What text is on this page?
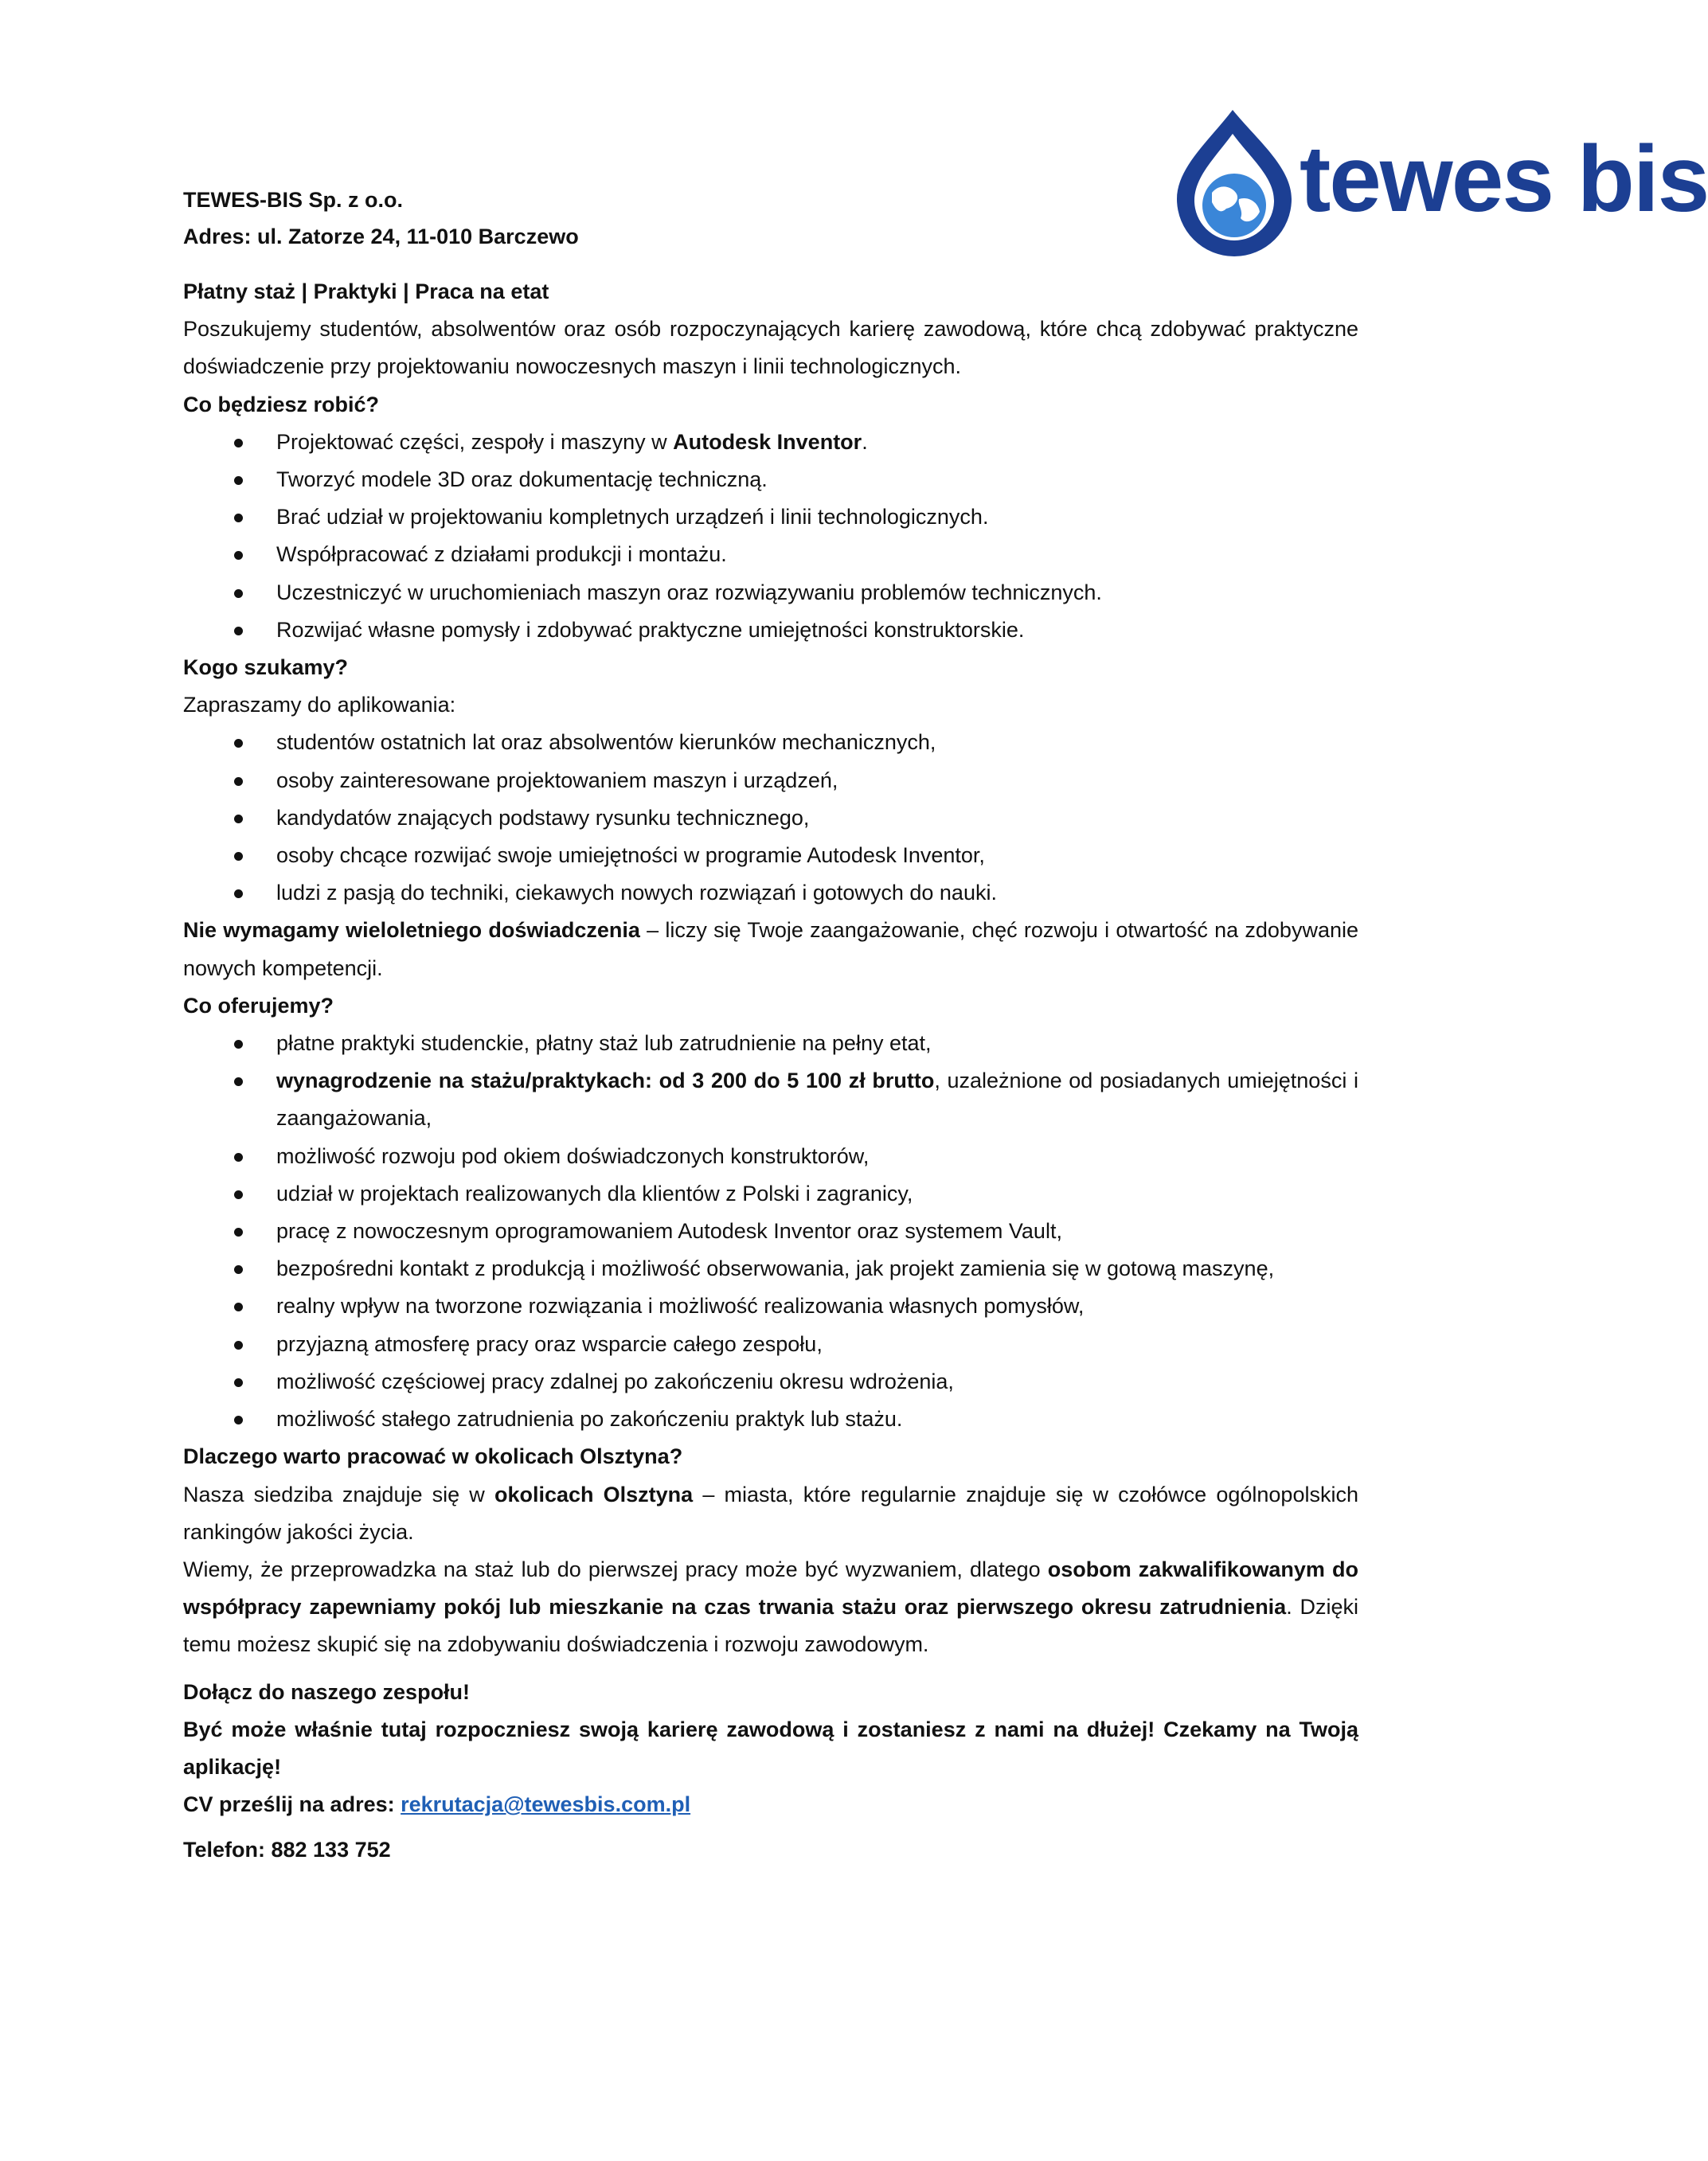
TEWES-BIS Sp. z o.o.
Adres: ul. Zatorze 24, 11-010 Barczewo
tewes bis

Płatny staż | Praktyki | Praca na etat

Poszukujemy studentów, absolwentów oraz osób rozpoczynających karierę zawodową, które chcą zdobywać praktyczne doświadczenie przy projektowaniu nowoczesnych maszyn i linii technologicznych.

Co będziesz robić?

Projektować części, zespoły i maszyny w Autodesk Inventor.
Tworzyć modele 3D oraz dokumentację techniczną.
Brać udział w projektowaniu kompletnych urządzeń i linii technologicznych.
Współpracować z działami produkcji i montażu.
Uczestniczyć w uruchomieniach maszyn oraz rozwiązywaniu problemów technicznych.
Rozwijać własne pomysły i zdobywać praktyczne umiejętności konstruktorskie.

Kogo szukamy?

Zapraszamy do aplikowania:

studentów ostatnich lat oraz absolwentów kierunków mechanicznych,
osoby zainteresowane projektowaniem maszyn i urządzeń,
kandydatów znających podstawy rysunku technicznego,
osoby chcące rozwijać swoje umiejętności w programie Autodesk Inventor,
ludzi z pasją do techniki, ciekawych nowych rozwiązań i gotowych do nauki.

Nie wymagamy wieloletniego doświadczenia – liczy się Twoje zaangażowanie, chęć rozwoju i otwartość na zdobywanie nowych kompetencji.

Co oferujemy?

płatne praktyki studenckie, płatny staż lub zatrudnienie na pełny etat,
wynagrodzenie na stażu/praktykach: od 3 200 do 5 100 zł brutto, uzależnione od posiadanych umiejętności i zaangażowania,
możliwość rozwoju pod okiem doświadczonych konstruktorów,
udział w projektach realizowanych dla klientów z Polski i zagranicy,
pracę z nowoczesnym oprogramowaniem Autodesk Inventor oraz systemem Vault,
bezpośredni kontakt z produkcją i możliwość obserwowania, jak projekt zamienia się w gotową maszynę,
realny wpływ na tworzone rozwiązania i możliwość realizowania własnych pomysłów,
przyjazną atmosferę pracy oraz wsparcie całego zespołu,
możliwość częściowej pracy zdalnej po zakończeniu okresu wdrożenia,
możliwość stałego zatrudnienia po zakończeniu praktyk lub stażu.

Dlaczego warto pracować w okolicach Olsztyna?

Nasza siedziba znajduje się w okolicach Olsztyna – miasta, które regularnie znajduje się w czołówce ogólnopolskich rankingów jakości życia.

Wiemy, że przeprowadzka na staż lub do pierwszej pracy może być wyzwaniem, dlatego osobom zakwalifikowanym do współpracy zapewniamy pokój lub mieszkanie na czas trwania stażu oraz pierwszego okresu zatrudnienia. Dzięki temu możesz skupić się na zdobywaniu doświadczenia i rozwoju zawodowym.

Dołącz do naszego zespołu!

Być może właśnie tutaj rozpoczniesz swoją karierę zawodową i zostaniesz z nami na dłużej! Czekamy na Twoją aplikację!

CV prześlij na adres: rekrutacja@tewesbis.com.pl

Telefon: 882 133 752
